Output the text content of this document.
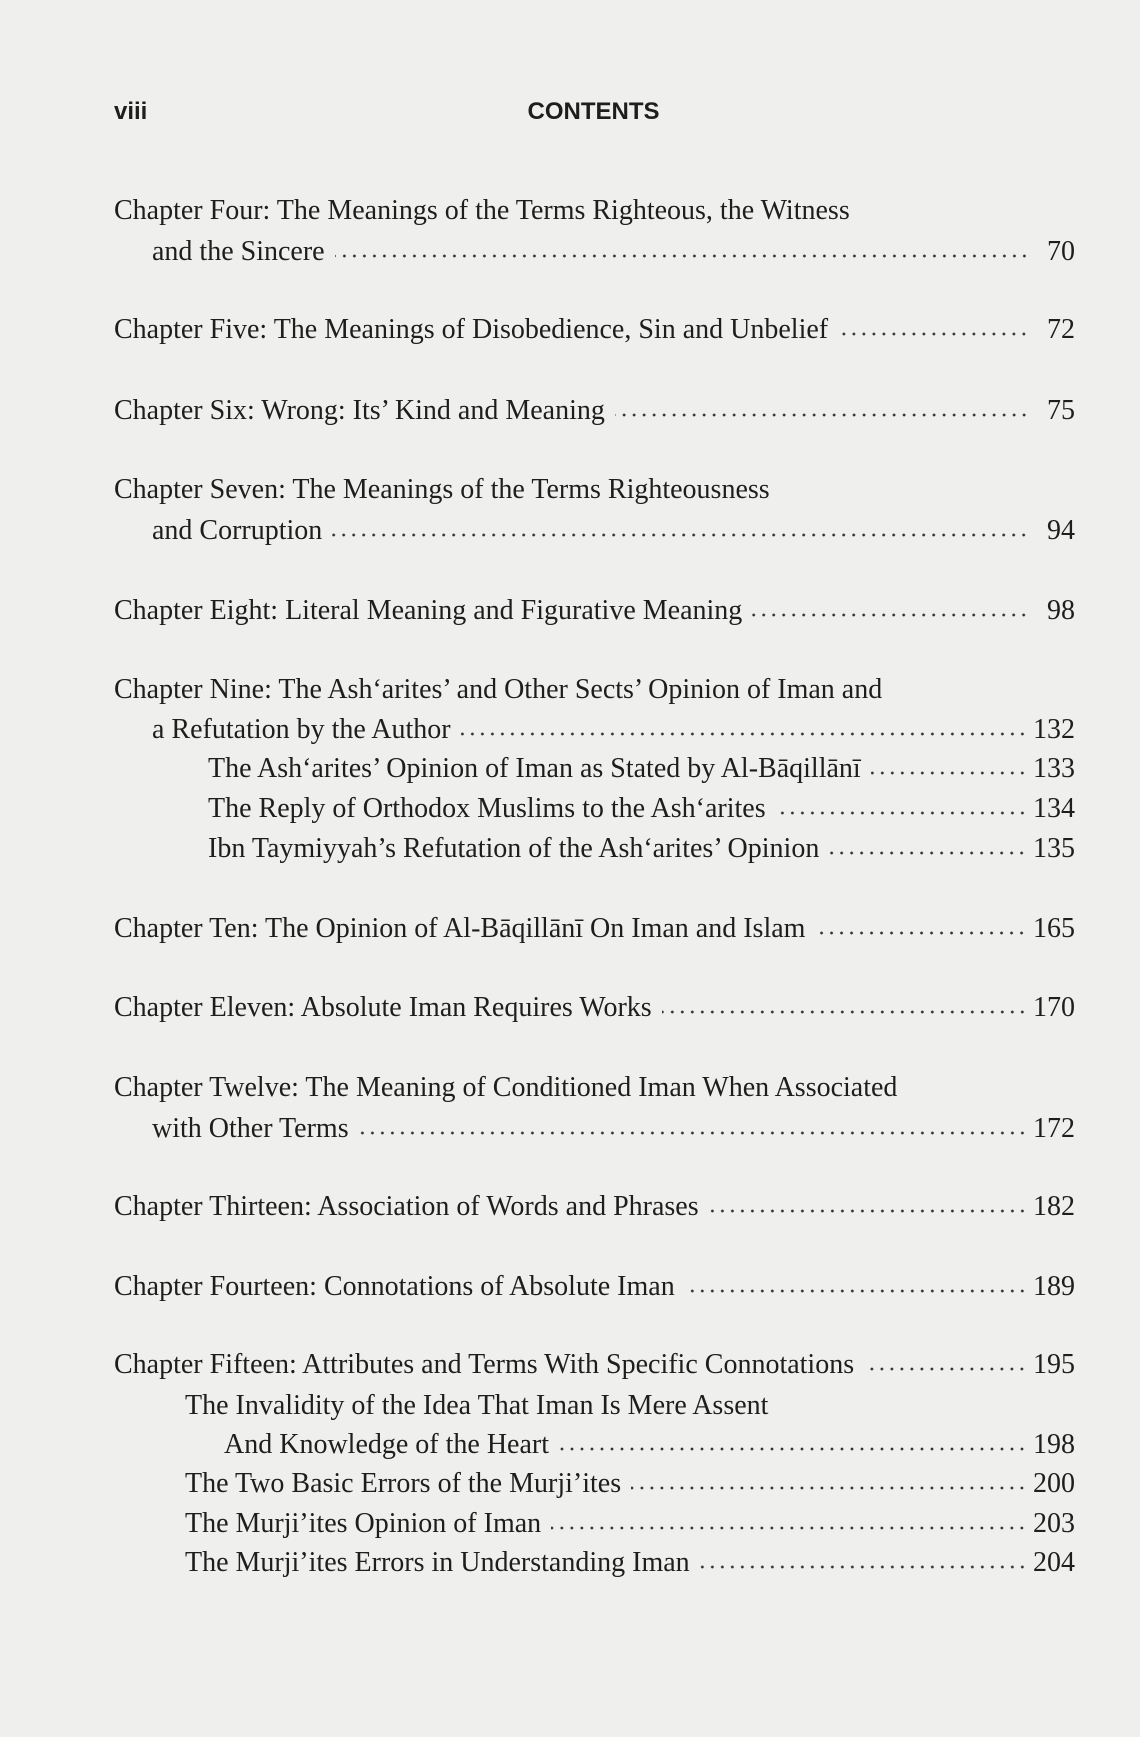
viii	CONTENTS
Chapter Four: The Meanings of the Terms Righteous, the Witness
and the Sincere	70
Chapter Five: The Meanings of Disobedience, Sin and Unbelief	72
Chapter Six: Wrong: Its’ Kind and Meaning	75
Chapter Seven: The Meanings of the Terms Righteousness
and Corruption	94
Chapter Eight: Literal Meaning and Figurative Meaning	98
Chapter Nine: The Ash‘arites’ and Other Sects’ Opinion of Iman and
a Refutation by the Author	132
The Ash‘arites’ Opinion of Iman as Stated by Al-Bāqillānī	133
The Reply of Orthodox Muslims to the Ash‘arites	134
Ibn Taymiyyah’s Refutation of the Ash‘arites’ Opinion	135
Chapter Ten: The Opinion of Al-Bāqillānī On Iman and Islam	165
Chapter Eleven: Absolute Iman Requires Works	170
Chapter Twelve: The Meaning of Conditioned Iman When Associated
with Other Terms	172
Chapter Thirteen: Association of Words and Phrases	182
Chapter Fourteen: Connotations of Absolute Iman	189
Chapter Fifteen: Attributes and Terms With Specific Connotations	195
The Invalidity of the Idea That Iman Is Mere Assent
And Knowledge of the Heart	198
The Two Basic Errors of the Murji’ites	200
The Murji’ites Opinion of Iman	203
The Murji’ites Errors in Understanding Iman	204
